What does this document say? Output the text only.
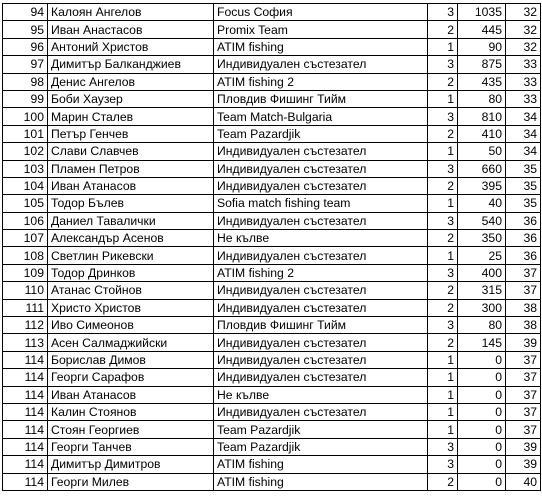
94	Калоян Ангелов	Focus София	3	1035	32
95	Иван Анастасов	Promix Team	2	445	32
96	Антоний Христов	ATIM fishing	1	90	32
97	Димитър Балканджиев	Индивидуален състезател	3	875	33
98	Денис Ангелов	ATIM fishing 2	2	435	33
99	Боби Хаузер	Пловдив Фишинг Тийм	1	80	33
100	Марин Сталев	Team Match-Bulgaria	3	810	34
101	Петър Генчев	Team Pazardjik	2	410	34
102	Слави Славчев	Индивидуален състезател	1	50	34
103	Пламен Петров	Индивидуален състезател	3	660	35
104	Иван Атанасов	Индивидуален състезател	2	395	35
105	Тодор Бълев	Sofia match fishing team	1	40	35
106	Даниел Тавалички	Индивидуален състезател	3	540	36
107	Александър Асенов	Не кълве	2	350	36
108	Светлин Рикевски	Индивидуален състезател	1	25	36
109	Тодор Дринков	ATIM fishing 2	3	400	37
110	Атанас Стойнов	Индивидуален състезател	2	315	37
111	Христо Христов	Индивидуален състезател	2	300	38
112	Иво Симеонов	Пловдив Фишинг Тийм	3	80	38
113	Асен Салмаджийски	Индивидуален състезател	2	145	39
114	Борислав Димов	Индивидуален състезател	1	0	37
114	Георги Сарафов	Индивидуален състезател	1	0	37
114	Иван Атанасов	Не кълве	1	0	37
114	Калин Стоянов	Индивидуален състезател	1	0	37
114	Стоян Георгиев	Team Pazardjik	1	0	37
114	Георги Танчев	Team Pazardjik	3	0	39
114	Димитър Димитров	ATIM fishing	3	0	39
114	Георги Милев	ATIM fishing	2	0	40
